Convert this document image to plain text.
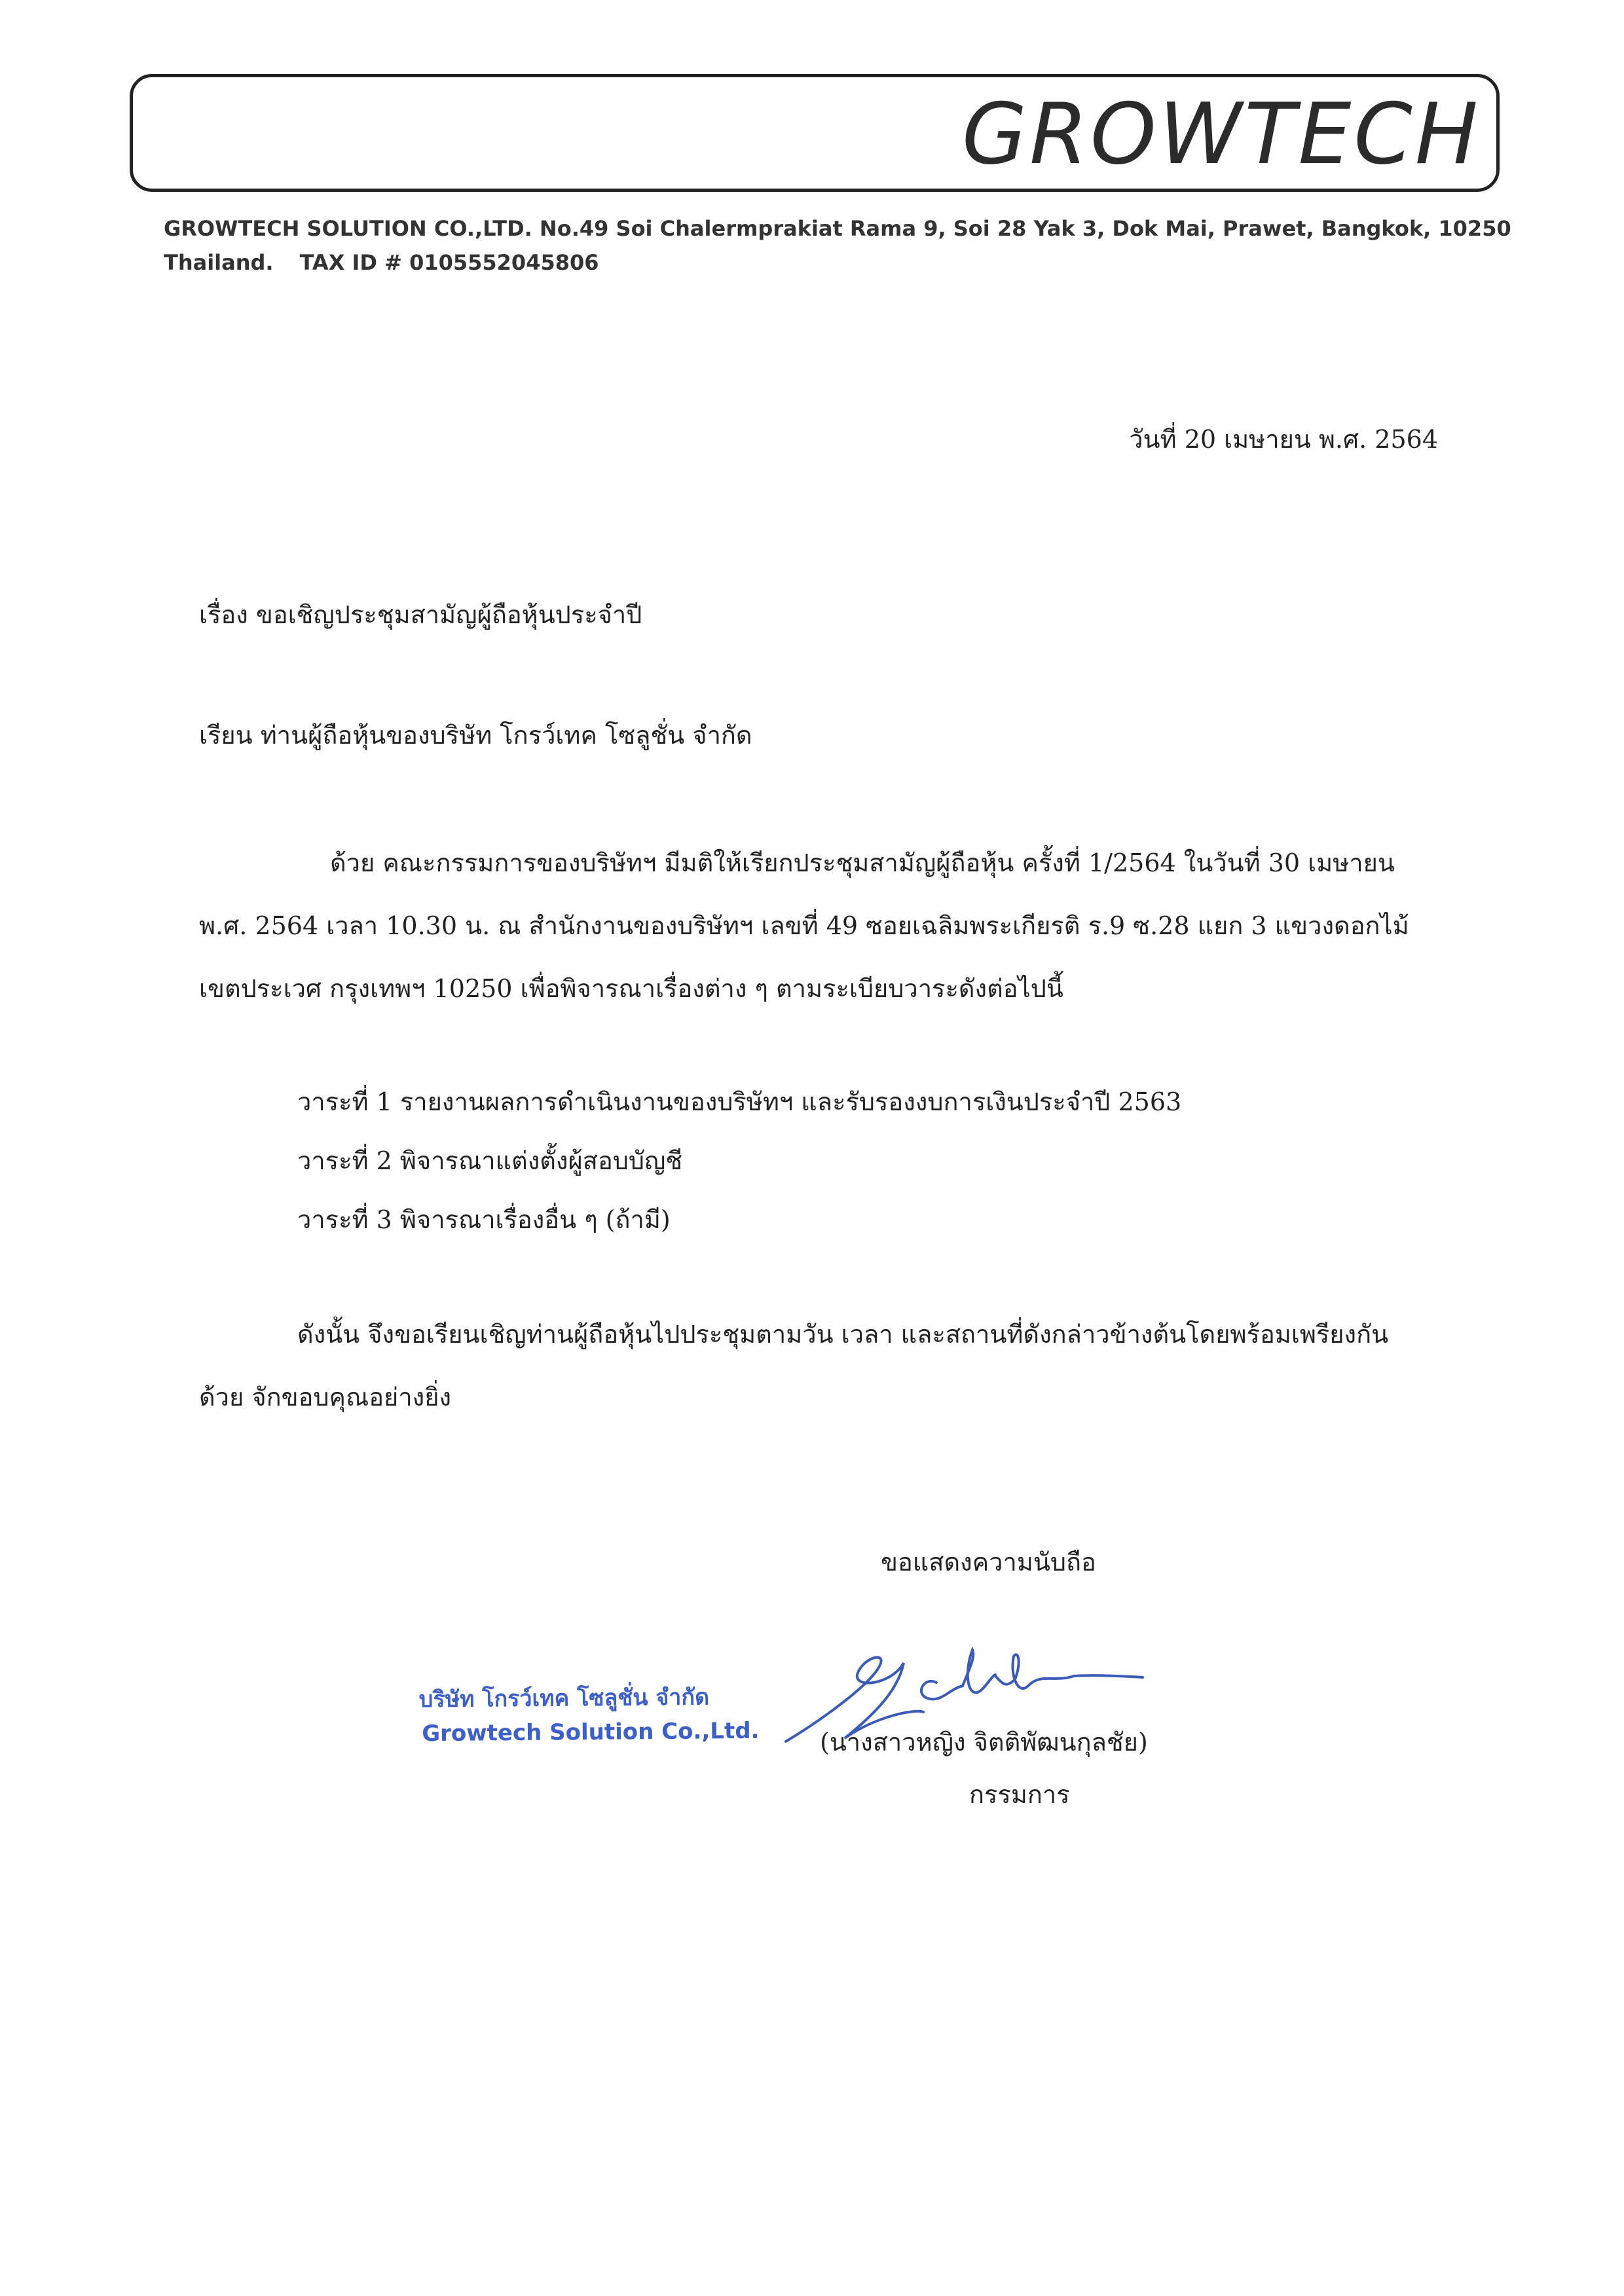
GROWTECH
GROWTECH SOLUTION CO.,LTD. No.49 Soi Chalermprakiat Rama 9, Soi 28 Yak 3, Dok Mai, Prawet, Bangkok, 10250
Thailand. TAX ID # 0105552045806
วันที่ 20 เมษายน พ.ศ. 2564
เรื่อง ขอเชิญประชุมสามัญผู้ถือหุ้นประจำปี
เรียน ท่านผู้ถือหุ้นของบริษัท โกรว์เทค โซลูชั่น จำกัด
ด้วย คณะกรรมการของบริษัทฯ มีมติให้เรียกประชุมสามัญผู้ถือหุ้น ครั้งที่ 1/2564 ในวันที่ 30 เมษายน พ.ศ. 2564 เวลา 10.30 น. ณ สำนักงานของบริษัทฯ เลขที่ 49 ซอยเฉลิมพระเกียรติ ร.9 ซ.28 แยก 3 แขวงดอกไม้ เขตประเวศ กรุงเทพฯ 10250 เพื่อพิจารณาเรื่องต่าง ๆ ตามระเบียบวาระดังต่อไปนี้
วาระที่ 1 รายงานผลการดำเนินงานของบริษัทฯ และรับรองงบการเงินประจำปี 2563
วาระที่ 2 พิจารณาแต่งตั้งผู้สอบบัญชี
วาระที่ 3 พิจารณาเรื่องอื่น ๆ (ถ้ามี)
ดังนั้น จึงขอเรียนเชิญท่านผู้ถือหุ้นไปประชุมตามวัน เวลา และสถานที่ดังกล่าวข้างต้นโดยพร้อมเพรียงกันด้วย จักขอบคุณอย่างยิ่ง
ขอแสดงความนับถือ
(นางสาวหญิง จิตติพัฒนกุลชัย)
กรรมการ
บริษัท โกรว์เทค โซลูชั่น จำกัด
Growtech Solution Co.,Ltd.
